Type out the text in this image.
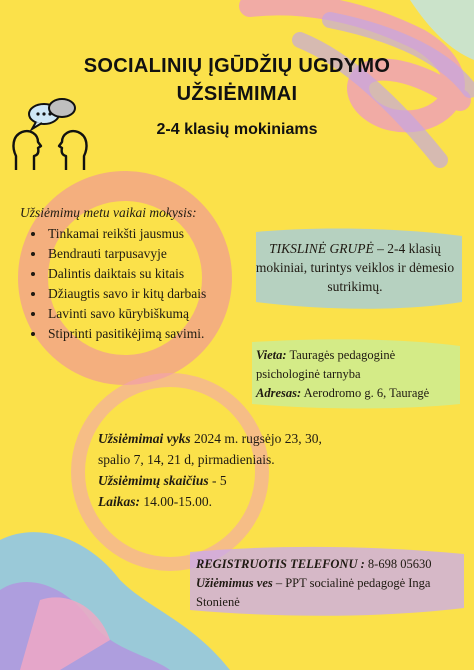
SOCIALINIŲ ĮGŪDŽIŲ UGDYMO
UŽSIĖMIMAI
2-4 klasių mokiniams

Užsiėmimų metu vaikai mokysis:

• Tinkamai reikšti jausmus
• Bendrauti tarpusavyje
• Dalintis daiktais su kitais
• Džiaugtis savo ir kitų darbais
• Lavinti savo kūrybiškumą
• Stiprinti pasitikėjimą savimi.
TIKSLINĖ GRUPĖ – 2-4 klasių mokiniai, turintys veiklos ir dėmesio sutrikimų.
Vieta: Tauragės pedagoginė psichologinė tarnyba
Adresas: Aerodromo g. 6, Tauragė
Užsiėmimai vyks 2024 m. rugsėjo 23, 30, spalio 7, 14, 21 d, pirmadieniais.
Užsiėmimų skaičius - 5
Laikas: 14.00-15.00.
REGISTRUOTIS TELEFONU : 8-698 05630
Užiėmimus ves – PPT socialinė pedagogė Inga Stonienė
